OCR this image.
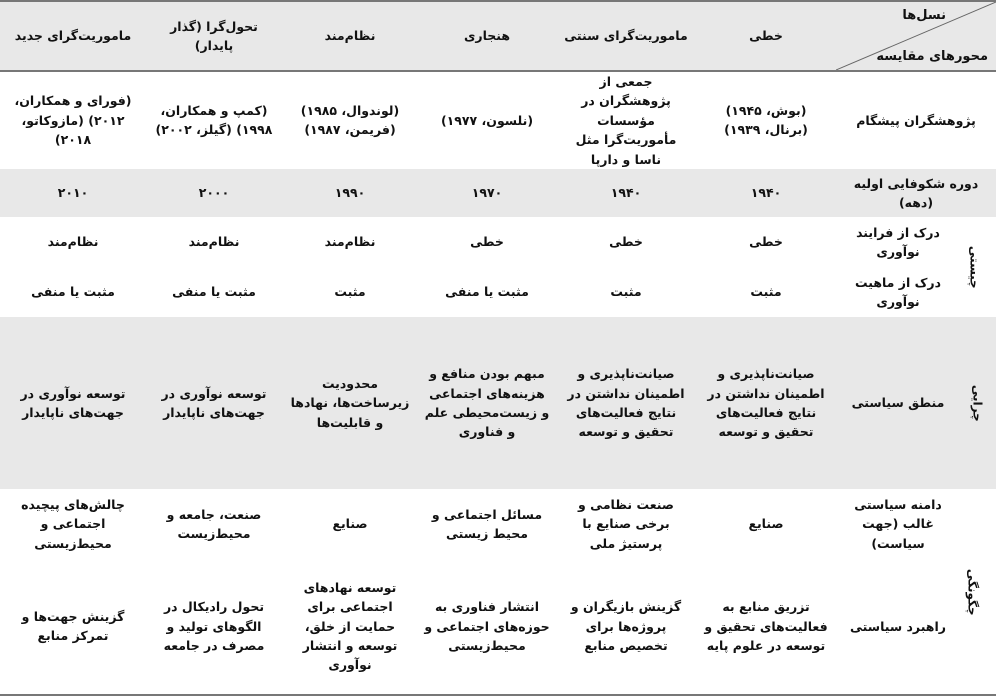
نسل‌ها
محورهای مقایسه		خطی	ماموریت‌گرای سنتی	هنجاری	نظام‌مند	تحول‌گرا (گذار پایدار)	ماموریت‌گرای جدید
پژوهشگران پیشگام		(بوش، ۱۹۴۵) (برنال، ۱۹۳۹)	جمعی از پژوهشگران در مؤسسات مأموریت‌گرا مثل ناسا و دارپا	(نلسون، ۱۹۷۷)	(لوندوال، ۱۹۸۵) (فریمن، ۱۹۸۷)	(کمپ و همکاران، ۱۹۹۸) (گیلز، ۲۰۰۲)	(فورای و همکاران، ۲۰۱۲) (مازوکاتو، ۲۰۱۸)
دوره شکوفایی اولیه (دهه)		۱۹۴۰	۱۹۴۰	۱۹۷۰	۱۹۹۰	۲۰۰۰	۲۰۱۰
چیستی	درک از فرایند نوآوری	خطی	خطی	خطی	نظام‌مند	نظام‌مند	نظام‌مند
	درک از ماهیت نوآوری	مثبت	مثبت	مثبت یا منفی	مثبت	مثبت یا منفی	مثبت یا منفی
چرایی	منطق سیاستی	صیانت‌ناپذیری و اطمینان نداشتن در نتایج فعالیت‌های تحقیق و توسعه	صیانت‌ناپذیری و اطمینان نداشتن در نتایج فعالیت‌های تحقیق و توسعه	مبهم بودن منافع و هزینه‌های اجتماعی و زیست‌محیطی علم و فناوری	محدودیت زیرساخت‌ها، نهادها و قابلیت‌ها	توسعه نوآوری در جهت‌های ناپایدار	توسعه نوآوری در جهت‌های ناپایدار
چگونگی	دامنه سیاستی غالب (جهت سیاست)	صنایع	صنعت نظامی و برخی صنایع با پرستیژ ملی	مسائل اجتماعی و محیط زیستی	صنایع	صنعت، جامعه و محیط‌زیست	چالش‌های پیچیده اجتماعی و محیط‌زیستی
	راهبرد سیاستی	تزریق منابع به فعالیت‌های تحقیق و توسعه در علوم پایه	گزینش بازیگران و پروژه‌ها برای تخصیص منابع	انتشار فناوری به حوزه‌های اجتماعی و محیط‌زیستی	توسعه نهادهای اجتماعی برای حمایت از خلق، توسعه و انتشار نوآوری	تحول رادیکال در الگوهای تولید و مصرف در جامعه	گزینش جهت‌ها و تمرکز منابع
